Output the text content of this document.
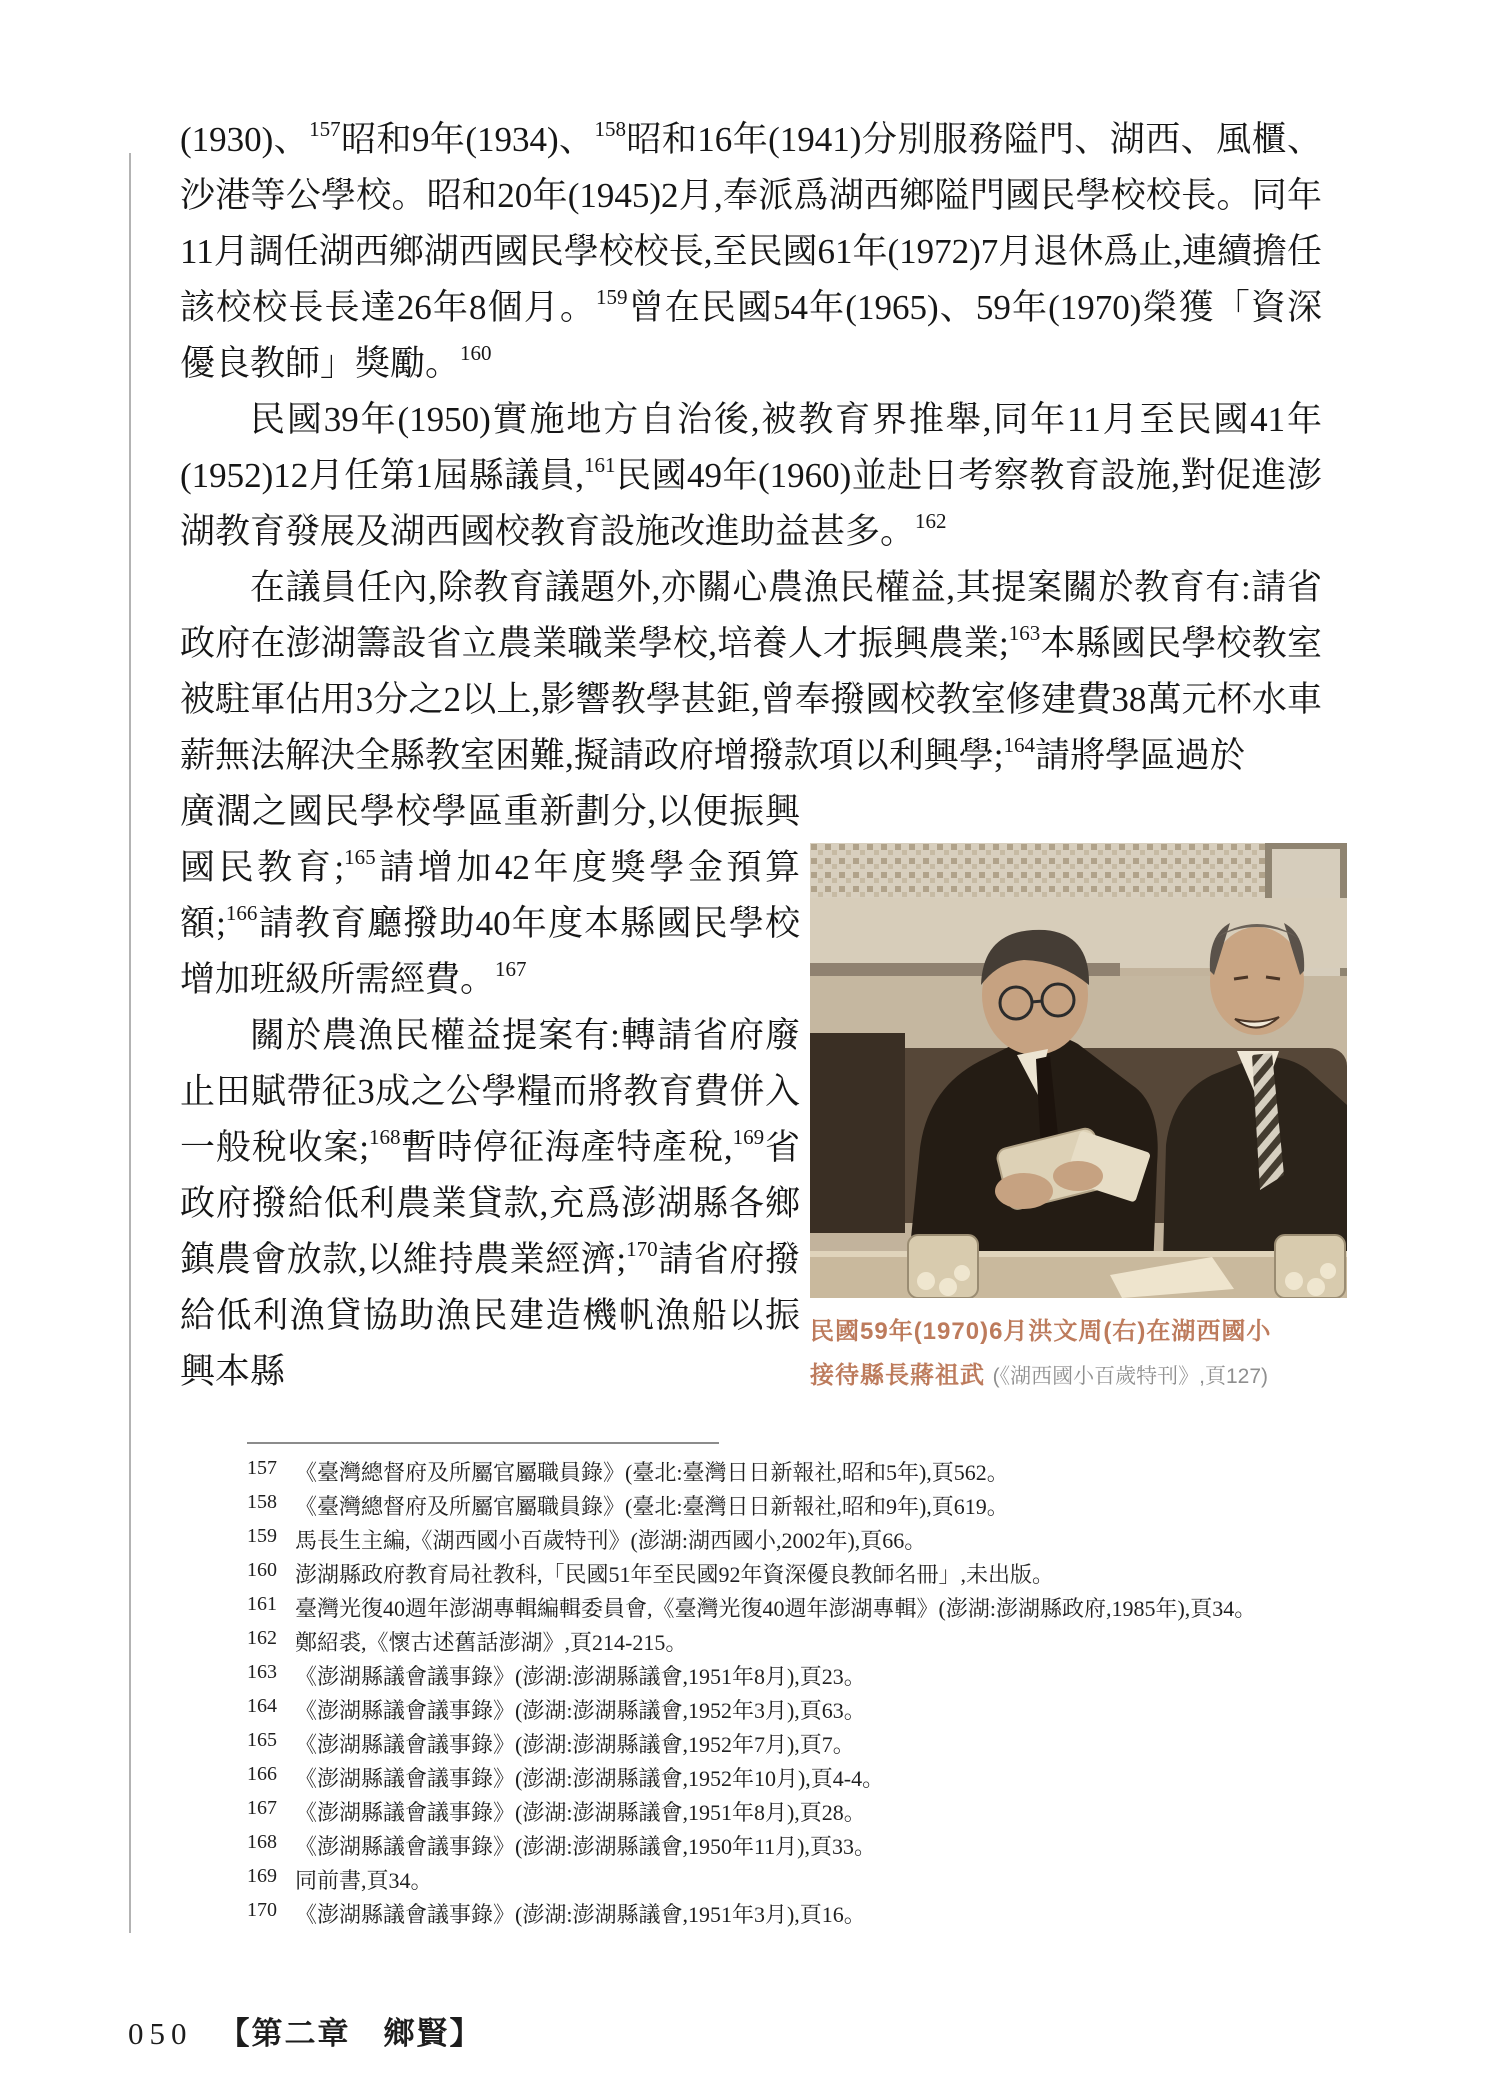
(1930)、$^{157}$昭和9年(1934)、$^{158}$昭和16年(1941)分別服務隘門、湖西、風櫃、沙港等公學校。昭和20年(1945)2月,奉派爲湖西鄉隘門國民學校校長。同年11月調任湖西鄉湖西國民學校校長,至民國61年(1972)7月退休爲止,連續擔任該校校長長達26年8個月。$^{159}$曾在民國54年(1965)、59年(1970)榮獲「資深優良教師」獎勵。$^{160}$

民國39年(1950)實施地方自治後,被教育界推舉,同年11月至民國41年(1952)12月任第1屆縣議員,$^{161}$民國49年(1960)並赴日考察教育設施,對促進澎湖教育發展及湖西國校教育設施改進助益甚多。$^{162}$

在議員任內,除教育議題外,亦關心農漁民權益,其提案關於教育有:請省政府在澎湖籌設省立農業職業學校,培養人才振興農業;$^{163}$本縣國民學校教室被駐軍佔用3分之2以上,影響教學甚鉅,曾奉撥國校教室修建費38萬元杯水車薪無法解決全縣教室困難,擬請政府增撥款項以利興學;$^{164}$請將學區過於

廣濶之國民學校學區重新劃分,以便振興國民教育;$^{165}$請增加42年度獎學金預算額;$^{166}$請教育廳撥助40年度本縣國民學校增加班級所需經費。$^{167}$

關於農漁民權益提案有:轉請省府廢止田賦帶征3成之公學糧而將教育費併入一般稅收案;$^{168}$暫時停征海產特產稅,$^{169}$省政府撥給低利農業貸款,充爲澎湖縣各鄉鎮農會放款,以維持農業經濟;$^{170}$請省府撥給低利漁貸協助漁民建造機帆漁船以振興本縣

民國59年(1970)6月洪文周(右)在湖西國小
接待縣長蔣祖武 (《湖西國小百歲特刊》,頁127)
157 《臺灣總督府及所屬官屬職員錄》(臺北:臺灣日日新報社,昭和5年),頁562。
158 《臺灣總督府及所屬官屬職員錄》(臺北:臺灣日日新報社,昭和9年),頁619。
159 馬長生主編,《湖西國小百歲特刊》(澎湖:湖西國小,2002年),頁66。
160 澎湖縣政府教育局社教科,「民國51年至民國92年資深優良教師名冊」,未出版。
161 臺灣光復40週年澎湖專輯編輯委員會,《臺灣光復40週年澎湖專輯》(澎湖:澎湖縣政府,1985年),頁34。
162 鄭紹裘,《懷古述舊話澎湖》,頁214-215。
163 《澎湖縣議會議事錄》(澎湖:澎湖縣議會,1951年8月),頁23。
164 《澎湖縣議會議事錄》(澎湖:澎湖縣議會,1952年3月),頁63。
165 《澎湖縣議會議事錄》(澎湖:澎湖縣議會,1952年7月),頁7。
166 《澎湖縣議會議事錄》(澎湖:澎湖縣議會,1952年10月),頁4-4。
167 《澎湖縣議會議事錄》(澎湖:澎湖縣議會,1951年8月),頁28。
168 《澎湖縣議會議事錄》(澎湖:澎湖縣議會,1950年11月),頁33。
169 同前書,頁34。
170 《澎湖縣議會議事錄》(澎湖:澎湖縣議會,1951年3月),頁16。
050 【第二章　鄉賢】
